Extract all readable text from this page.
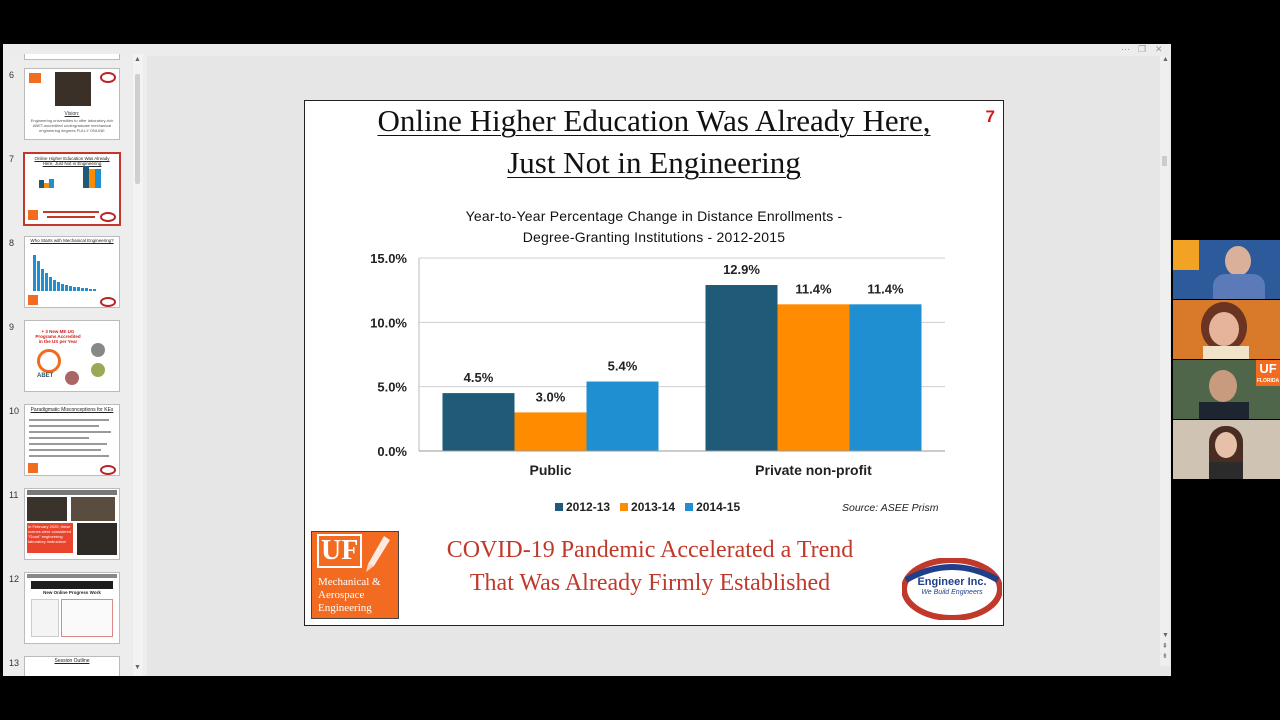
⋯ ❐ ✕
6
Vision:
Engineering universities to offer laboratory-rich ABET-accredited undergraduate mechanical engineering degrees FULLY ONLINE
7	Online Higher Education Was Already Here, Just Not in Engineering
8	Who Starts with Mechanical Engineering?
9	+ 3 New ME UG Programs Accredited in the US per Year
ABET
10	Paradigmatic Misconceptions for KEs
11
In February 2020, these scenes were considered "Good" engineering laboratory instruction!
12
New Online Progress Work
13	Session Outline
▲
▼
▲
▼
⇞
⇟
Online Higher Education Was Already Here,
Just Not in Engineering
7
Year-to-Year Percentage Change in Distance Enrollments -
Degree-Granting Institutions - 2012-2015
0.0%
5.0%
10.0%
15.0%
4.5%
3.0%
5.4%
Public
12.9%
11.4%	11.4%
Private non-profit
2012-13 2013-14 2014-15	Source: ASEE Prism
UF
Mechanical &
Aerospace
Engineering
COVID-19 Pandemic Accelerated a Trend
That Was Already Firmly Established	Engineer Inc.
We Build Engineers
UF
FLORIDA
